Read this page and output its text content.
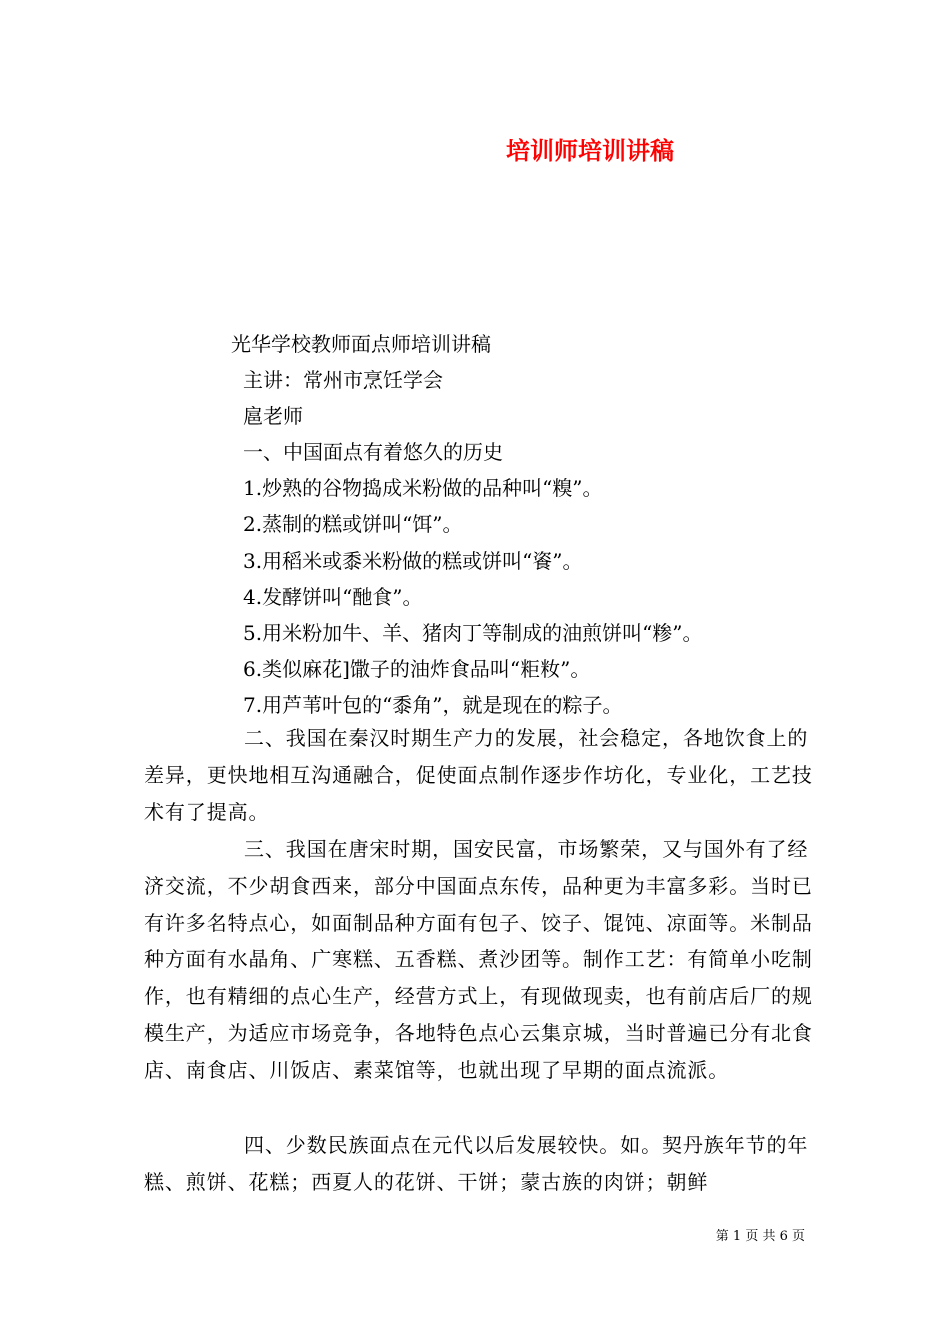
培训师培训讲稿
光华学校教师面点师培训讲稿
主讲：常州市烹饪学会
扈老师
一、中国面点有着悠久的历史
1.炒熟的谷物捣成米粉做的品种叫“糗”。
2.蒸制的糕或饼叫“饵”。
3.用稻米或黍米粉做的糕或饼叫“餈”。
4.发酵饼叫“酏食”。
5.用米粉加牛、羊、猪肉丁等制成的油煎饼叫“糁”。
6.类似麻花]馓子的油炸食品叫“粔籹”。
7.用芦苇叶包的“黍角”，就是现在的粽子。
二、我国在秦汉时期生产力的发展，社会稳定，各地饮食上的差异，更快地相互沟通融合，促使面点制作逐步作坊化，专业化，工艺技术有了提高。
三、我国在唐宋时期，国安民富，市场繁荣，又与国外有了经济交流，不少胡食西来，部分中国面点东传，品种更为丰富多彩。当时已有许多名特点心，如面制品种方面有包子、饺子、馄饨、凉面等。米制品种方面有水晶角、广寒糕、五香糕、煮沙团等。制作工艺：有简单小吃制作，也有精细的点心生产，经营方式上，有现做现卖，也有前店后厂的规模生产，为适应市场竞争，各地特色点心云集京城，当时普遍已分有北食店、南食店、川饭店、素菜馆等，也就出现了早期的面点流派。
四、少数民族面点在元代以后发展较快。如。契丹族年节的年糕、煎饼、花糕；西夏人的花饼、干饼；蒙古族的肉饼；朝鲜
第 1 页 共 6 页
